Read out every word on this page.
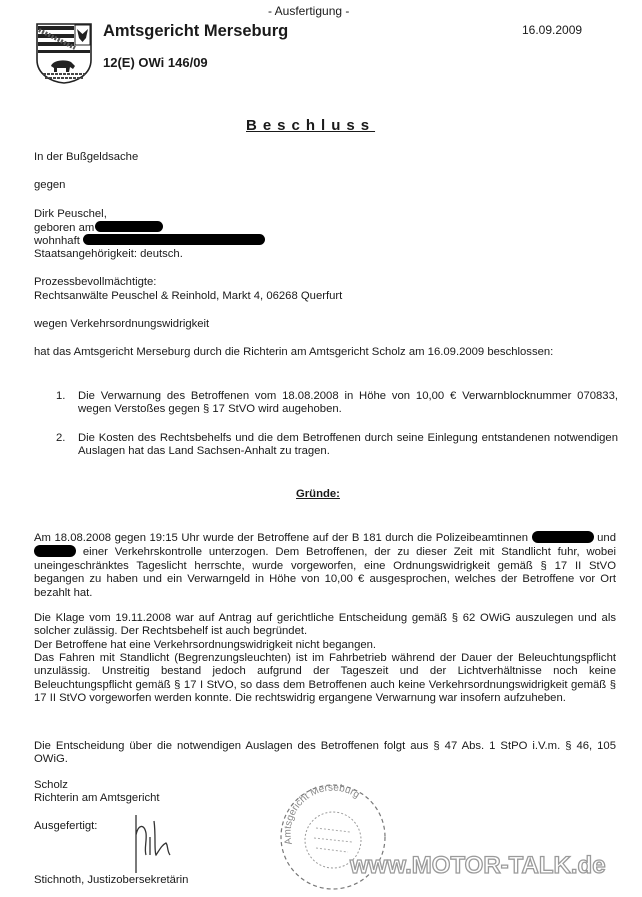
- Ausfertigung -
Amtsgericht Merseburg
12(E) OWi 146/09
16.09.2009
Beschluss
In der Bußgeldsache
gegen
Dirk Peuschel,
geboren am
wohnhaft
Staatsangehörigkeit: deutsch.
Prozessbevollmächtigte:
Rechtsanwälte Peuschel & Reinhold, Markt 4, 06268 Querfurt
wegen Verkehrsordnungswidrigkeit
hat das Amtsgericht Merseburg durch die Richterin am Amtsgericht Scholz am 16.09.2009 beschlossen:
1. Die Verwarnung des Betroffenen vom 18.08.2008 in Höhe von 10,00 € Verwarnblocknummer 070833, wegen Verstoßes gegen § 17 StVO wird augehoben.
2. Die Kosten des Rechtsbehelfs und die dem Betroffenen durch seine Einlegung entstandenen notwendigen Auslagen hat das Land Sachsen-Anhalt zu tragen.
Gründe:
Am 18.08.2008 gegen 19:15 Uhr wurde der Betroffene auf der B 181 durch die Polizeibeamtinnen	und  einer Verkehrskontrolle unterzogen. Dem Betroffenen, der zu dieser Zeit mit Standlicht fuhr, wobei uneingeschränktes Tageslicht herrschte, wurde vorgeworfen, eine Ordnungswidrigkeit gemäß § 17 II StVO begangen zu haben und ein Verwarngeld in Höhe von 10,00 € ausgesprochen, welches der Betroffene vor Ort bezahlt hat.
Die Klage vom 19.11.2008 war auf Antrag auf gerichtliche Entscheidung gemäß § 62 OWiG auszulegen und als solcher zulässig. Der Rechtsbehelf ist auch begründet.
Der Betroffene hat eine Verkehrsordnungswidrigkeit nicht begangen.
Das Fahren mit Standlicht (Begrenzungsleuchten) ist im Fahrbetrieb während der Dauer der Beleuchtungspflicht unzulässig. Unstreitig bestand jedoch aufgrund der Tageszeit und der Lichtverhältnisse noch keine Beleuchtungspflicht gemäß § 17 I StVO, so dass dem Betroffenen auch keine Verkehrsordnungswidrigkeit gemäß § 17 II StVO vorgeworfen werden konnte. Die rechtswidrig ergangene Verwarnung war insofern aufzuheben.
Die Entscheidung über die notwendigen Auslagen des Betroffenen folgt aus § 47 Abs. 1 StPO i.V.m. § 46, 105 OWiG.
Scholz
Richterin am Amtsgericht
Ausgefertigt:
Stichnoth, Justizobersekretärin
Amtsgericht Merseburg
www.MOTOR-TALK.de
